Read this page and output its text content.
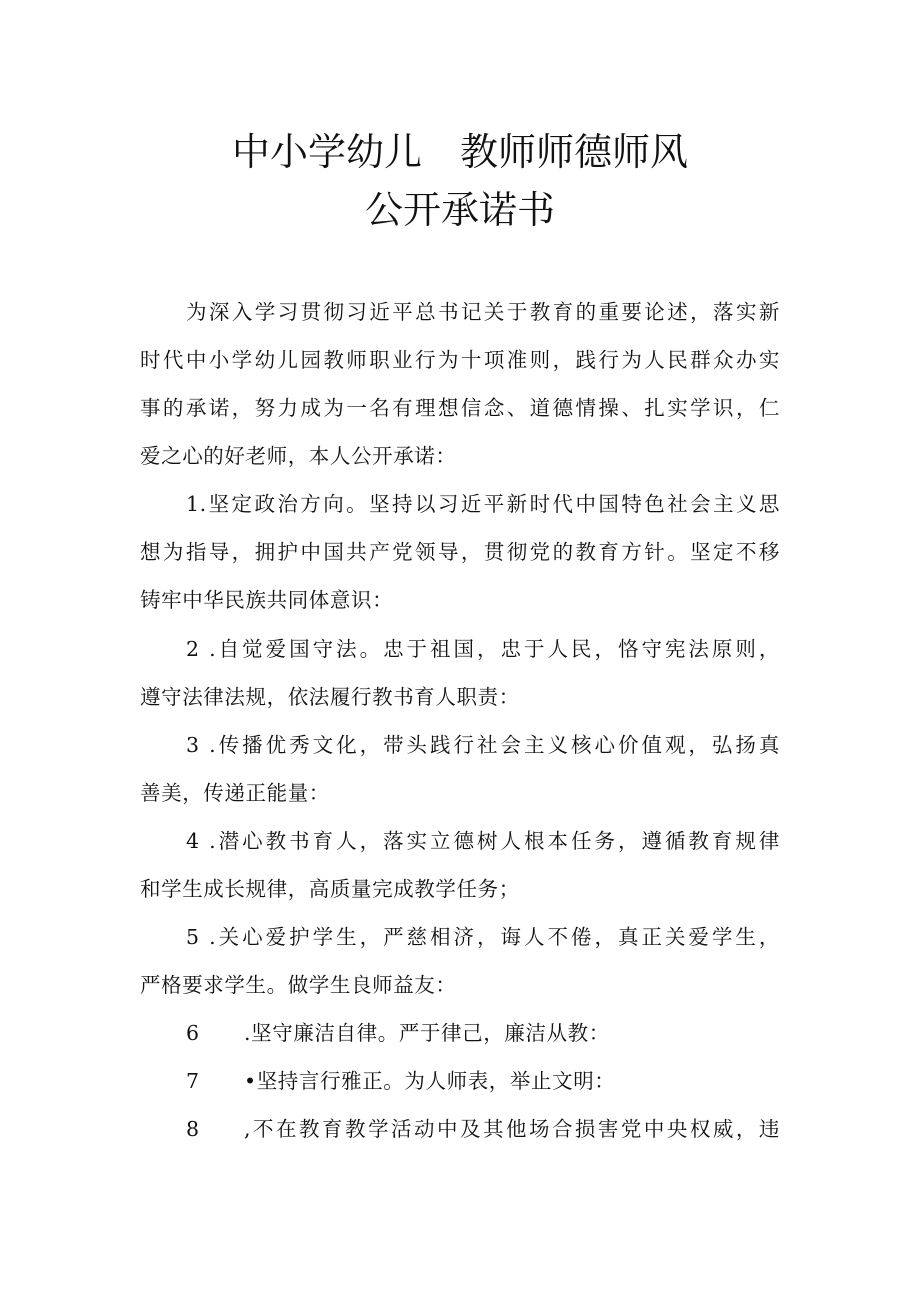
中小学幼儿　教师师德师风
公开承诺书
为深入学习贯彻习近平总书记关于教育的重要论述，落实新
时代中小学幼儿园教师职业行为十项准则，践行为人民群众办实
事的承诺，努力成为一名有理想信念、道德情操、扎实学识，仁
爱之心的好老师，本人公开承诺：
1.坚定政治方向。坚持以习近平新时代中国特色社会主义思
想为指导，拥护中国共产党领导，贯彻党的教育方针。坚定不移
铸牢中华民族共同体意识：
2 .自觉爱国守法。忠于祖国，忠于人民，恪守宪法原则，
遵守法律法规，依法履行教书育人职责：
3 .传播优秀文化，带头践行社会主义核心价值观，弘扬真
善美，传递正能量：
4 .潜心教书育人，落实立德树人根本任务，遵循教育规律
和学生成长规律，高质量完成教学任务；
5 .关心爱护学生，严慈相济，诲人不倦，真正关爱学生，
严格要求学生。做学生良师益友：
6 .坚守廉洁自律。严于律己，廉洁从教：
7 •坚持言行雅正。为人师表，举止文明：
8 ,不在教育教学活动中及其他场合损害党中央权威，违
